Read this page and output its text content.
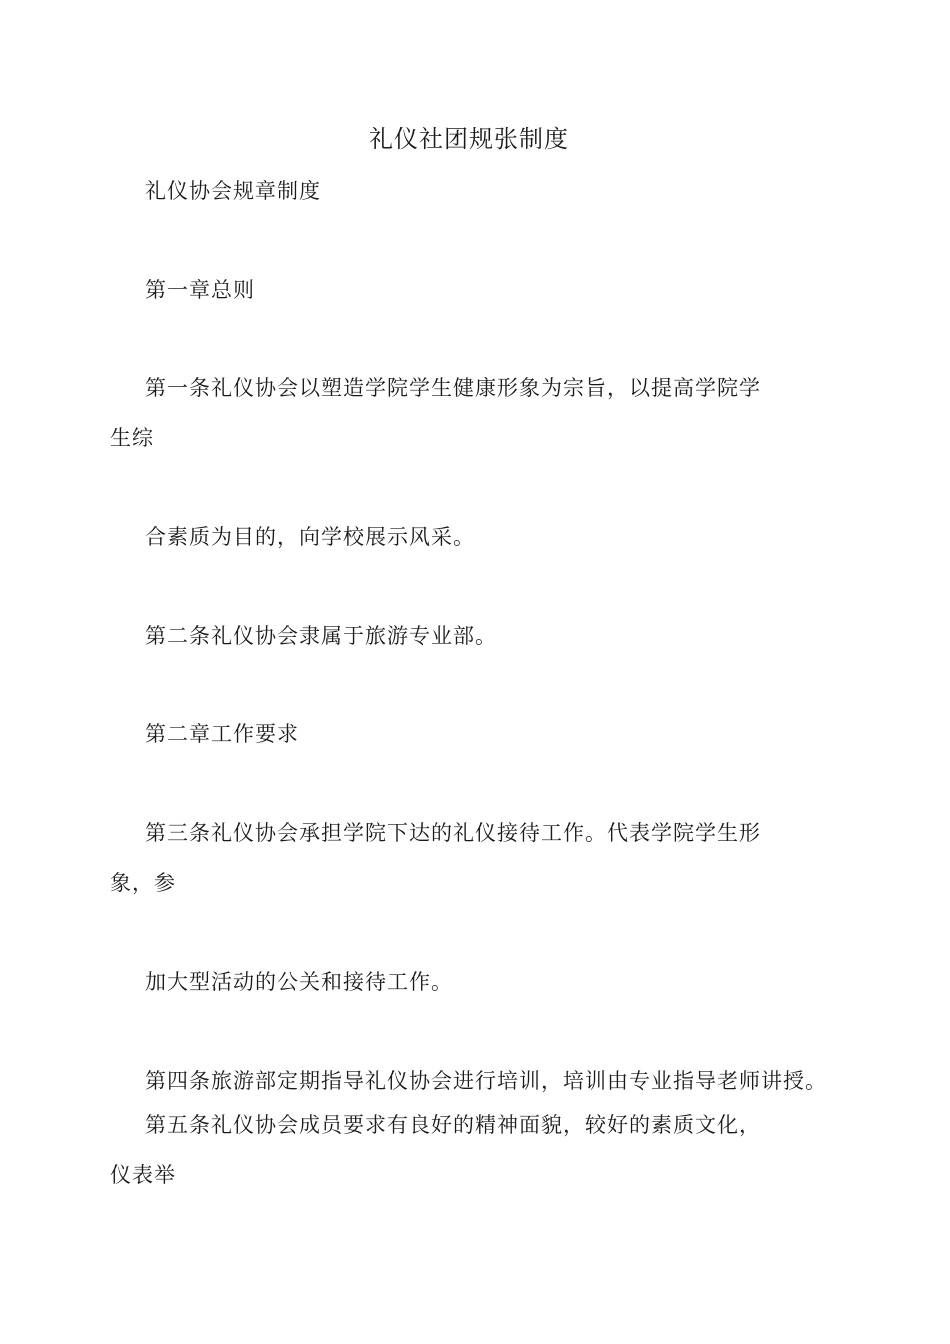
礼仪社团规张制度
礼仪协会规章制度
第一章总则
第一条礼仪协会以塑造学院学生健康形象为宗旨，以提高学院学
生综
合素质为目的，向学校展示风采。
第二条礼仪协会隶属于旅游专业部。
第二章工作要求
第三条礼仪协会承担学院下达的礼仪接待工作。代表学院学生形
象，参
加大型活动的公关和接待工作。
第四条旅游部定期指导礼仪协会进行培训，培训由专业指导老师讲授。
第五条礼仪协会成员要求有良好的精神面貌，较好的素质文化，
仪表举
